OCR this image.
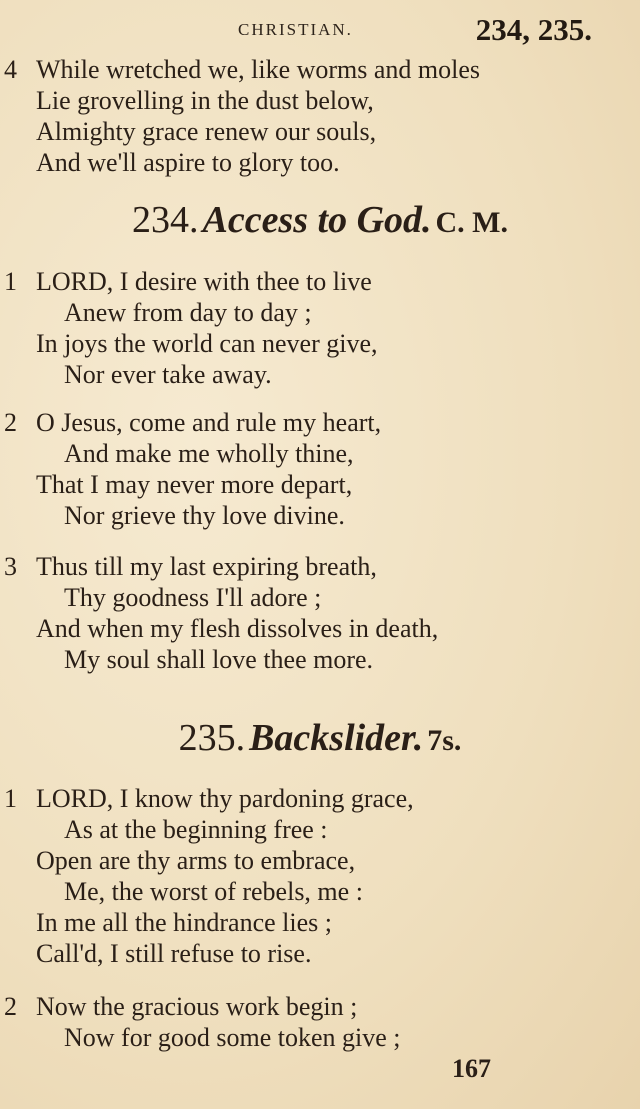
CHRISTIAN.	234, 235.
4 While wretched we, like worms and moles
Lie grovelling in the dust below,
Almighty grace renew our souls,
And we'll aspire to glory too.
234. Access to God. C. M.
1 LORD, I desire with thee to live
Anew from day to day ;
In joys the world can never give,
Nor ever take away.
2 O Jesus, come and rule my heart,
And make me wholly thine,
That I may never more depart,
Nor grieve thy love divine.
3 Thus till my last expiring breath,
Thy goodness I'll adore ;
And when my flesh dissolves in death,
My soul shall love thee more.
235. Backslider. 7s.
1 LORD, I know thy pardoning grace,
As at the beginning free :
Open are thy arms to embrace,
Me, the worst of rebels, me :
In me all the hindrance lies ;
Call'd, I still refuse to rise.
2 Now the gracious work begin ;
Now for good some token give ;
167
